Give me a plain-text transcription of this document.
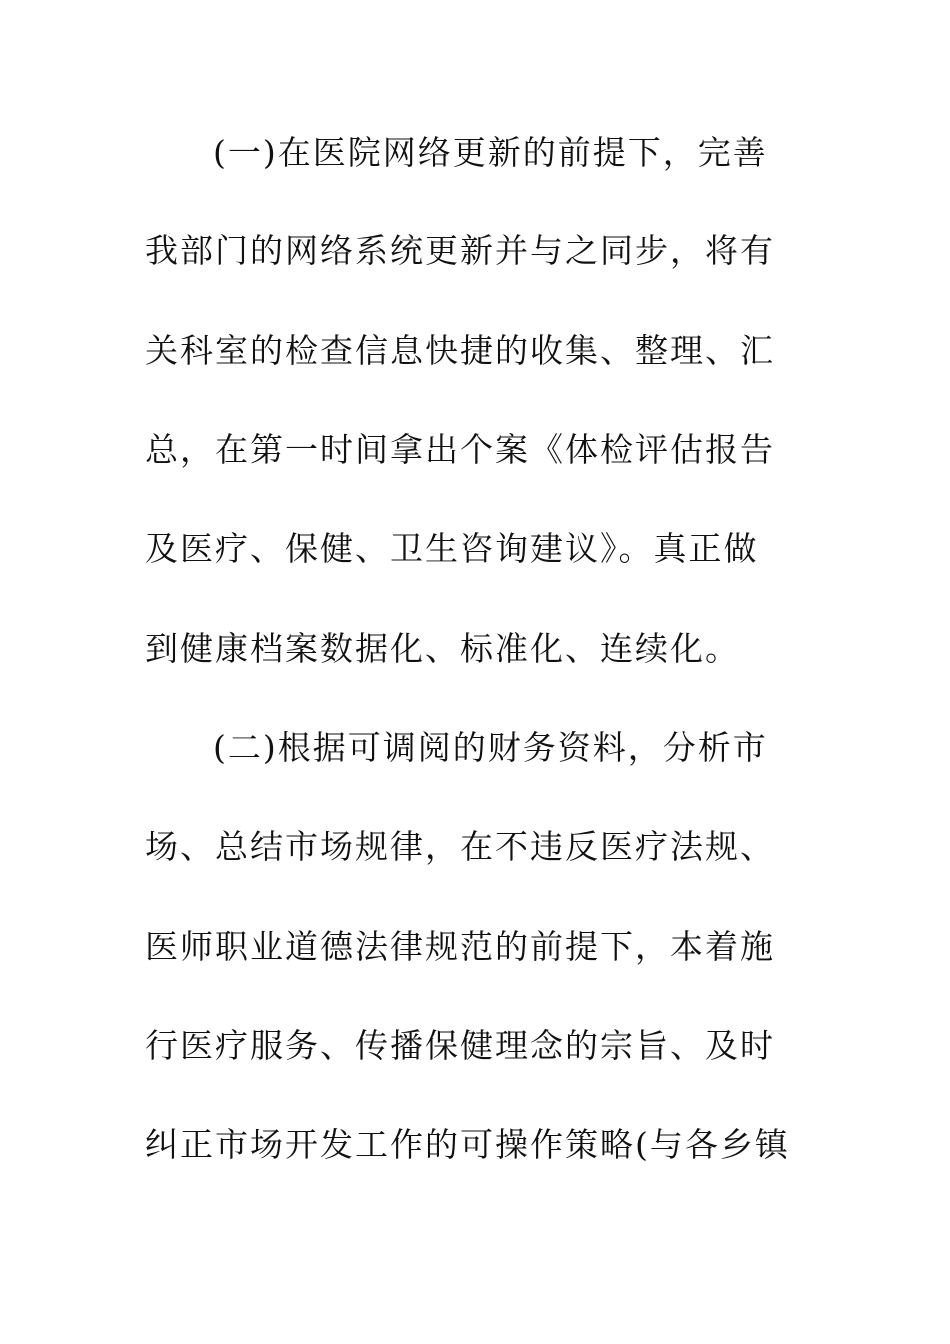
(一)在医院网络更新的前提下，完善
我部门的网络系统更新并与之同步，将有
关科室的检查信息快捷的收集、整理、汇
总，在第一时间拿出个案《体检评估报告
及医疗、保健、卫生咨询建议》。真正做
到健康档案数据化、标准化、连续化。
(二)根据可调阅的财务资料，分析市
场、总结市场规律，在不违反医疗法规、
医师职业道德法律规范的前提下，本着施
行医疗服务、传播保健理念的宗旨、及时
纠正市场开发工作的可操作策略(与各乡镇
